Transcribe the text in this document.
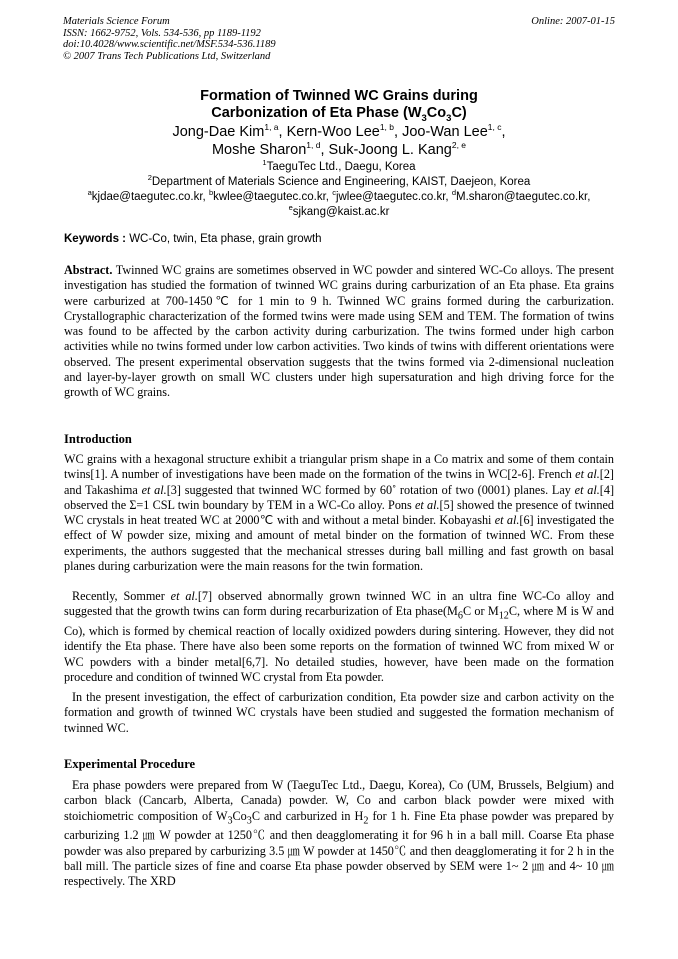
Materials Science Forum
ISSN: 1662-9752, Vols. 534-536, pp 1189-1192
doi:10.4028/www.scientific.net/MSF.534-536.1189
© 2007 Trans Tech Publications Ltd, Switzerland
Online: 2007-01-15
Formation of Twinned WC Grains during
Carbonization of Eta Phase $(W_3Co_3C)$
Jong-Dae Kim$^{1, a}$, Kern-Woo Lee$^{1, b}$, Joo-Wan Lee$^{1, c}$,
Moshe Sharon$^{1, d}$, Suk-Joong L. Kang$^{2, e}$
$^1$TaeguTec Ltd., Daegu, Korea
$^2$Department of Materials Science and Engineering, KAIST, Daejeon, Korea
$^a$kjdae@taegutec.co.kr, $^b$kwlee@taegutec.co.kr, $^c$jwlee@taegutec.co.kr, $^d$M.sharon@taegutec.co.kr,
$^e$sjkang@kaist.ac.kr
Keywords : WC-Co, twin, Eta phase, grain growth
Abstract. Twinned WC grains are sometimes observed in WC powder and sintered WC-Co alloys. The present investigation has studied the formation of twinned WC grains during carburization of an Eta phase. Eta grains were carburized at 700-1450℃ for 1 min to 9 h. Twinned WC grains formed during the carburization. Crystallographic characterization of the formed twins were made using SEM and TEM. The formation of twins was found to be affected by the carbon activity during carburization. The twins formed under high carbon activities while no twins formed under low carbon activities. Two kinds of twins with different orientations were observed. The present experimental observation suggests that the twins formed via 2-dimensional nucleation and layer-by-layer growth on small WC clusters under high supersaturation and high driving force for the growth of WC grains.
Introduction
WC grains with a hexagonal structure exhibit a triangular prism shape in a Co matrix and some of them contain twins[1]. A number of investigations have been made on the formation of the twins in WC[2-6]. French et al.[2] and Takashima et al.[3] suggested that twinned WC formed by 60˚ rotation of two (0001) planes. Lay et al.[4] observed the Σ=1 CSL twin boundary by TEM in a WC-Co alloy. Pons et al.[5] showed the presence of twinned WC crystals in heat treated WC at 2000℃ with and without a metal binder. Kobayashi et al.[6] investigated the effect of W powder size, mixing and amount of metal binder on the formation of twinned WC. From these experiments, the authors suggested that the mechanical stresses during ball milling and fast growth on basal planes during carburization were the main reasons for the twin formation.
Recently, Sommer et al.[7] observed abnormally grown twinned WC in an ultra fine WC-Co alloy and suggested that the growth twins can form during recarburization of Eta $phase(M_6C$ or $M_{12}C$, where M is W and Co), which is formed by chemical reaction of locally oxidized powders during sintering. However, they did not identify the Eta phase. There have also been some reports on the formation of twinned WC from mixed W or WC powders with a binder metal[6,7]. No detailed studies, however, have been made on the formation procedure and condition of twinned WC crystal from Eta powder.
In the present investigation, the effect of carburization condition, Eta powder size and carbon activity on the formation and growth of twinned WC crystals have been studied and suggested the formation mechanism of twinned WC.
Experimental Procedure
Era phase powders were prepared from W (TaeguTec Ltd., Daegu, Korea), Co (UM, Brussels, Belgium) and carbon black (Cancarb, Alberta, Canada) powder. W, Co and carbon black powder were mixed with stoichiometric composition of $W_3Co_3C$ and carburized in $H_2$ for 1 h. Fine Eta phase powder was prepared by carburizing 1.2 ㎛ W powder at 1250℃ and then deagglomerating it for 96 h in a ball mill. Coarse Eta phase powder was also prepared by carburizing 3.5 ㎛ W powder at 1450℃ and then deagglomerating it for 2 h in the ball mill. The particle sizes of fine and coarse Eta phase powder observed by SEM were 1~ 2 ㎛ and 4~ 10 ㎛ respectively. The XRD
